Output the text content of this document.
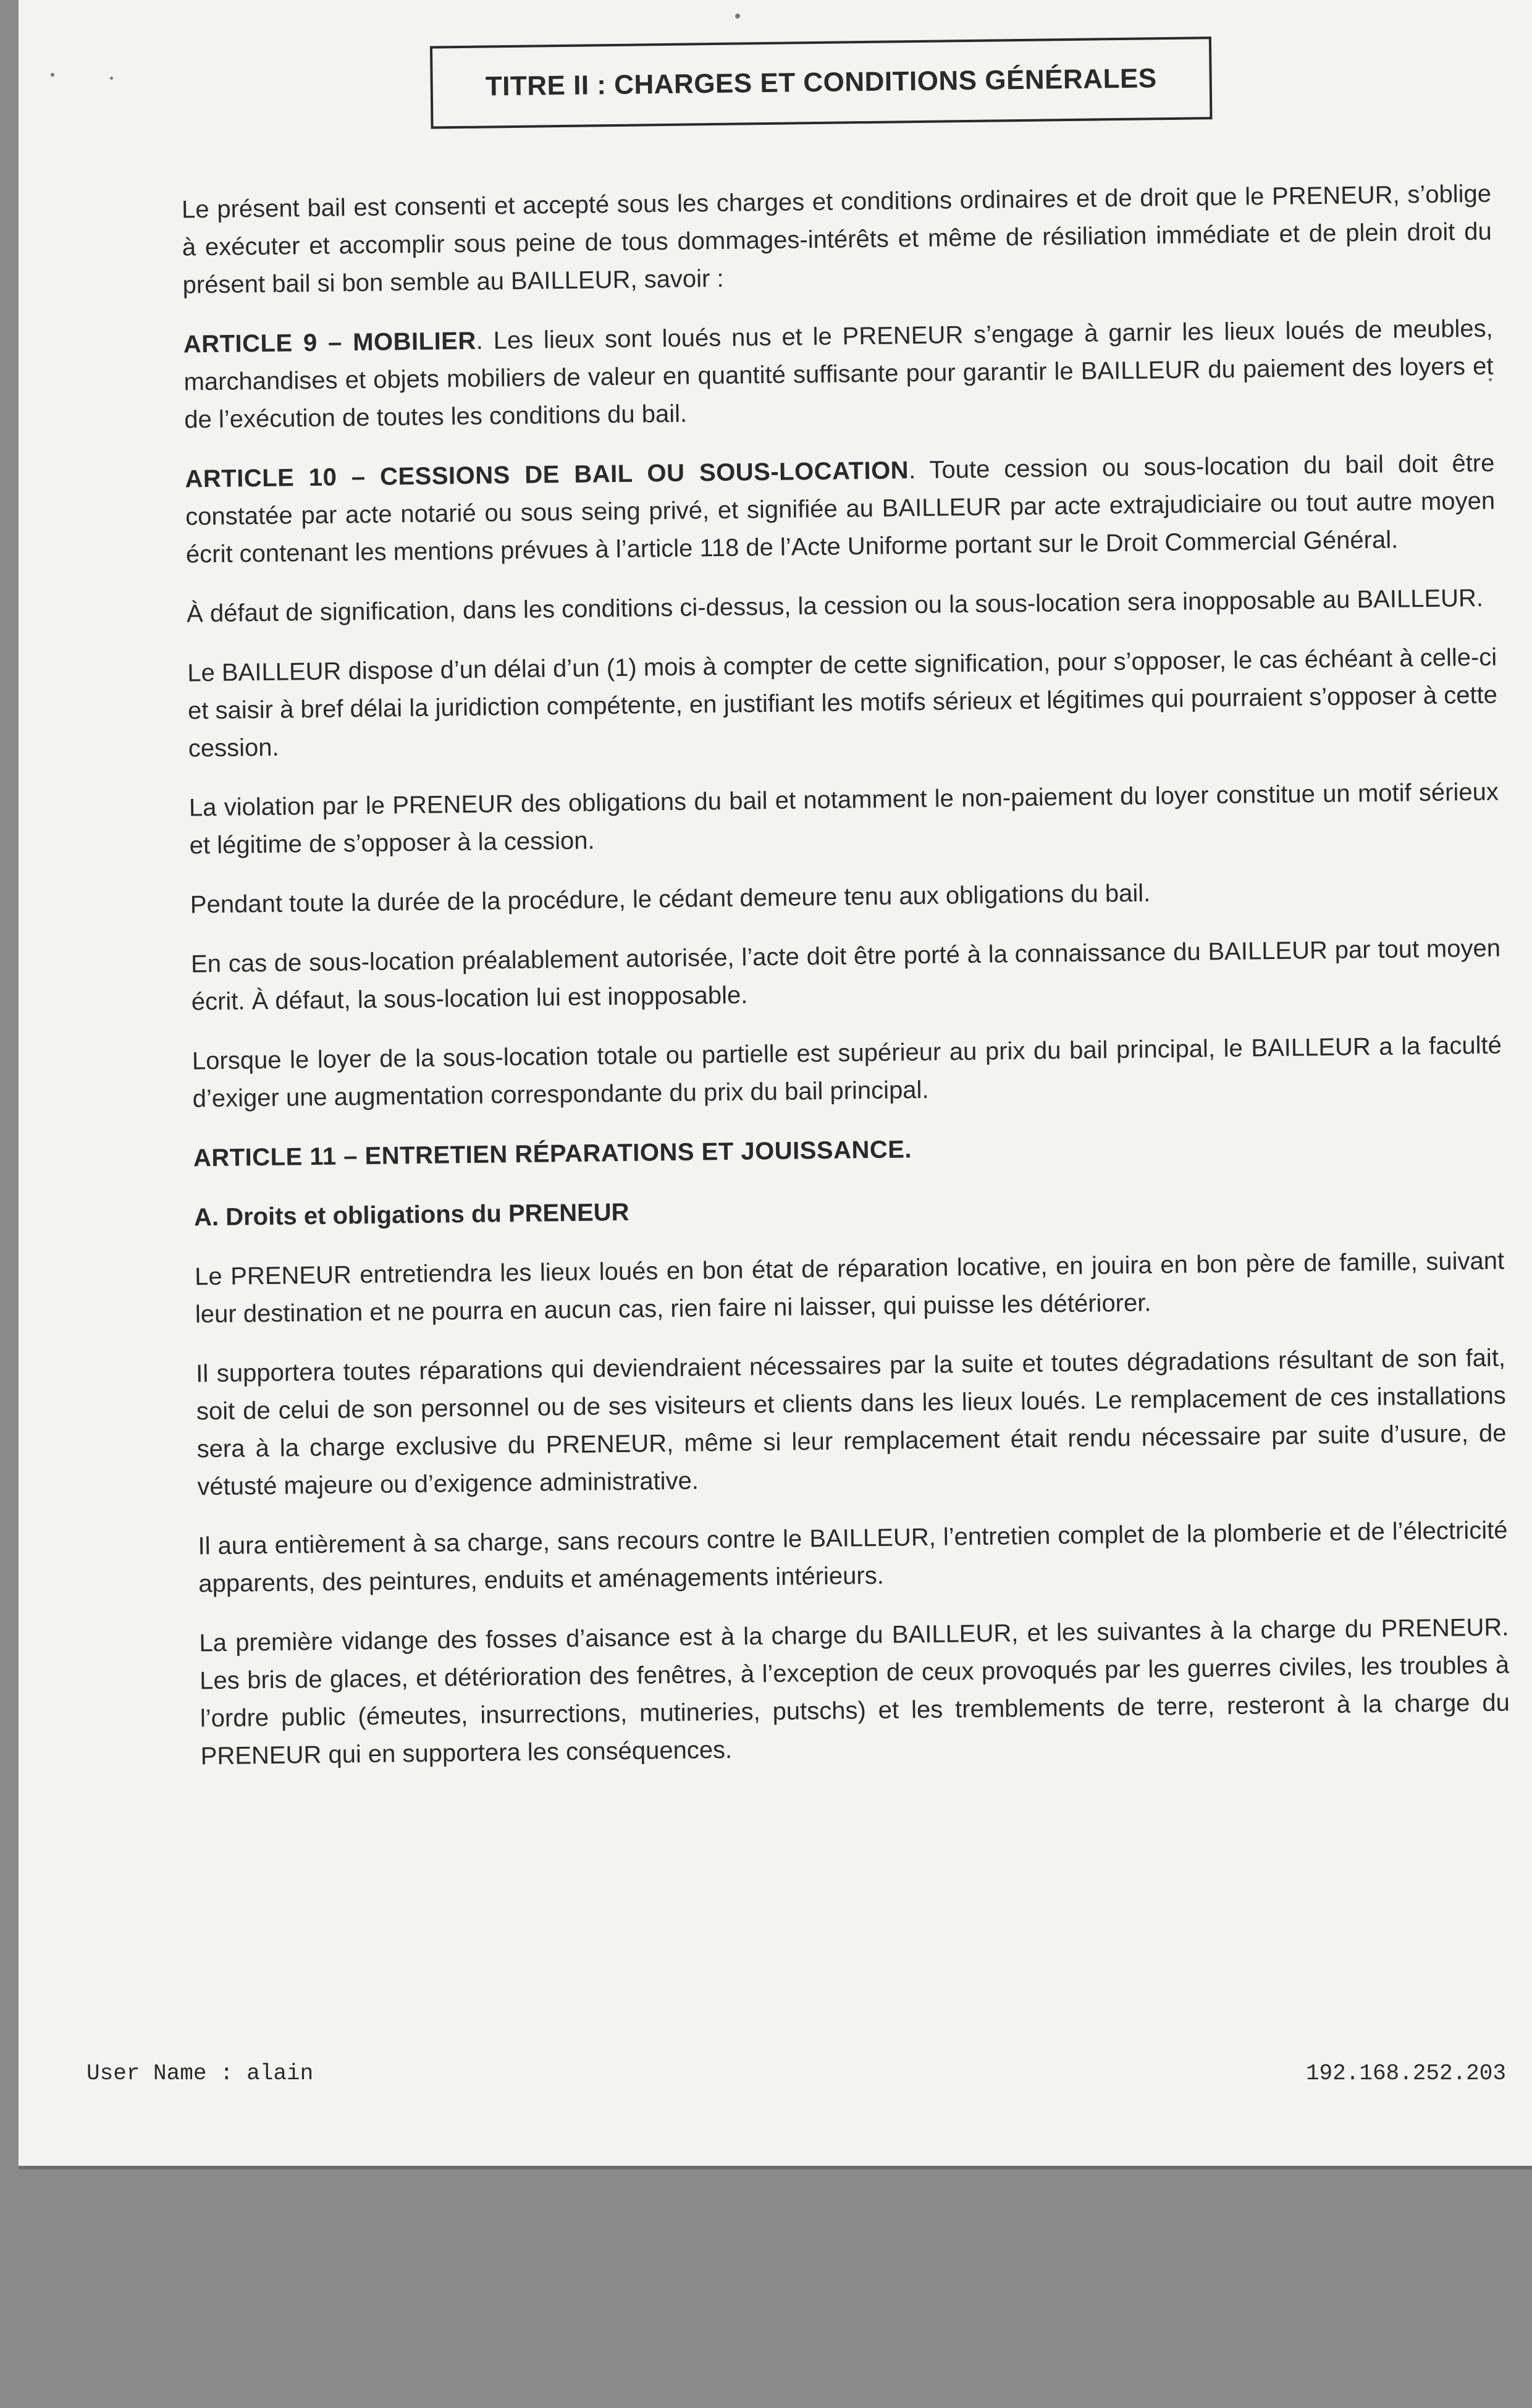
TITRE II : CHARGES ET CONDITIONS GÉNÉRALES

Le présent bail est consenti et accepté sous les charges et conditions ordinaires et de droit que le PRENEUR, s’oblige à exécuter et accomplir sous peine de tous dommages-intérêts et même de résiliation immédiate et de plein droit du présent bail si bon semble au BAILLEUR, savoir :

ARTICLE 9 – MOBILIER. Les lieux sont loués nus et le PRENEUR s’engage à garnir les lieux loués de meubles, marchandises et objets mobiliers de valeur en quantité suffisante pour garantir le BAILLEUR du paiement des loyers et de l’exécution de toutes les conditions du bail.

ARTICLE 10 – CESSIONS DE BAIL OU SOUS-LOCATION. Toute cession ou sous-location du bail doit être constatée par acte notarié ou sous seing privé, et signifiée au BAILLEUR par acte extrajudiciaire ou tout autre moyen écrit contenant les mentions prévues à l’article 118 de l’Acte Uniforme portant sur le Droit Commercial Général.

À défaut de signification, dans les conditions ci-dessus, la cession ou la sous-location sera inopposable au BAILLEUR.

Le BAILLEUR dispose d’un délai d’un (1) mois à compter de cette signification, pour s’opposer, le cas échéant à celle-ci et saisir à bref délai la juridiction compétente, en justifiant les motifs sérieux et légitimes qui pourraient s’opposer à cette cession.

La violation par le PRENEUR des obligations du bail et notamment le non-paiement du loyer constitue un motif sérieux et légitime de s’opposer à la cession.

Pendant toute la durée de la procédure, le cédant demeure tenu aux obligations du bail.

En cas de sous-location préalablement autorisée, l’acte doit être porté à la connaissance du BAILLEUR par tout moyen écrit. À défaut, la sous-location lui est inopposable.

Lorsque le loyer de la sous-location totale ou partielle est supérieur au prix du bail principal, le BAILLEUR a la faculté d’exiger une augmentation correspondante du prix du bail principal.

ARTICLE 11 – ENTRETIEN RÉPARATIONS ET JOUISSANCE.

A. Droits et obligations du PRENEUR

Le PRENEUR entretiendra les lieux loués en bon état de réparation locative, en jouira en bon père de famille, suivant leur destination et ne pourra en aucun cas, rien faire ni laisser, qui puisse les détériorer.

Il supportera toutes réparations qui deviendraient nécessaires par la suite et toutes dégradations résultant de son fait, soit de celui de son personnel ou de ses visiteurs et clients dans les lieux loués. Le remplacement de ces installations sera à la charge exclusive du PRENEUR, même si leur remplacement était rendu nécessaire par suite d’usure, de vétusté majeure ou d’exigence administrative.

Il aura entièrement à sa charge, sans recours contre le BAILLEUR, l’entretien complet de la plomberie et de l’électricité apparents, des peintures, enduits et aménagements intérieurs.

La première vidange des fosses d’aisance est à la charge du BAILLEUR, et les suivantes à la charge du PRENEUR. Les bris de glaces, et détérioration des fenêtres, à l’exception de ceux provoqués par les guerres civiles, les troubles à l’ordre public (émeutes, insurrections, mutineries, putschs) et les tremblements de terre, resteront à la charge du PRENEUR qui en supportera les conséquences.

User Name : alain	192.168.252.203
